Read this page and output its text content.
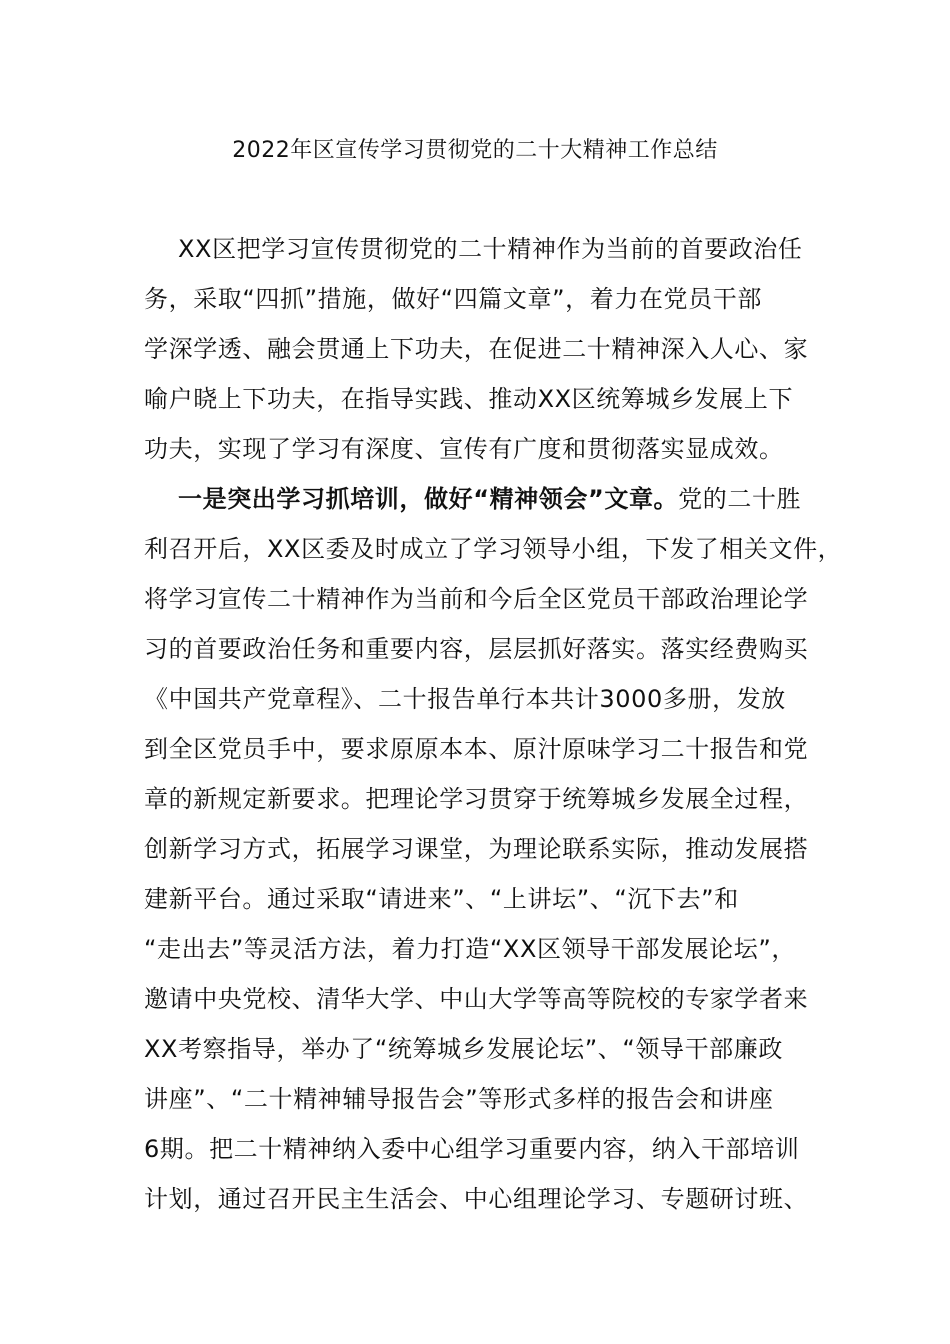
2022年区宣传学习贯彻党的二十大精神工作总结
XX区把学习宣传贯彻党的二十精神作为当前的首要政治任
务，采取“四抓”措施，做好“四篇文章”，着力在党员干部
学深学透、融会贯通上下功夫，在促进二十精神深入人心、家
喻户晓上下功夫，在指导实践、推动XX区统筹城乡发展上下
功夫，实现了学习有深度、宣传有广度和贯彻落实显成效。
一是突出学习抓培训，做好“精神领会”文章。党的二十胜
利召开后，XX区委及时成立了学习领导小组，下发了相关文件，
将学习宣传二十精神作为当前和今后全区党员干部政治理论学
习的首要政治任务和重要内容，层层抓好落实。落实经费购买
《中国共产党章程》、二十报告单行本共计3000多册，发放
到全区党员手中，要求原原本本、原汁原味学习二十报告和党
章的新规定新要求。把理论学习贯穿于统筹城乡发展全过程，
创新学习方式，拓展学习课堂，为理论联系实际，推动发展搭
建新平台。通过采取“请进来”、“上讲坛”、“沉下去”和
“走出去”等灵活方法，着力打造“XX区领导干部发展论坛”，
邀请中央党校、清华大学、中山大学等高等院校的专家学者来
XX考察指导，举办了“统筹城乡发展论坛”、“领导干部廉政
讲座”、“二十精神辅导报告会”等形式多样的报告会和讲座
6期。把二十精神纳入委中心组学习重要内容，纳入干部培训
计划，通过召开民主生活会、中心组理论学习、专题研讨班、
